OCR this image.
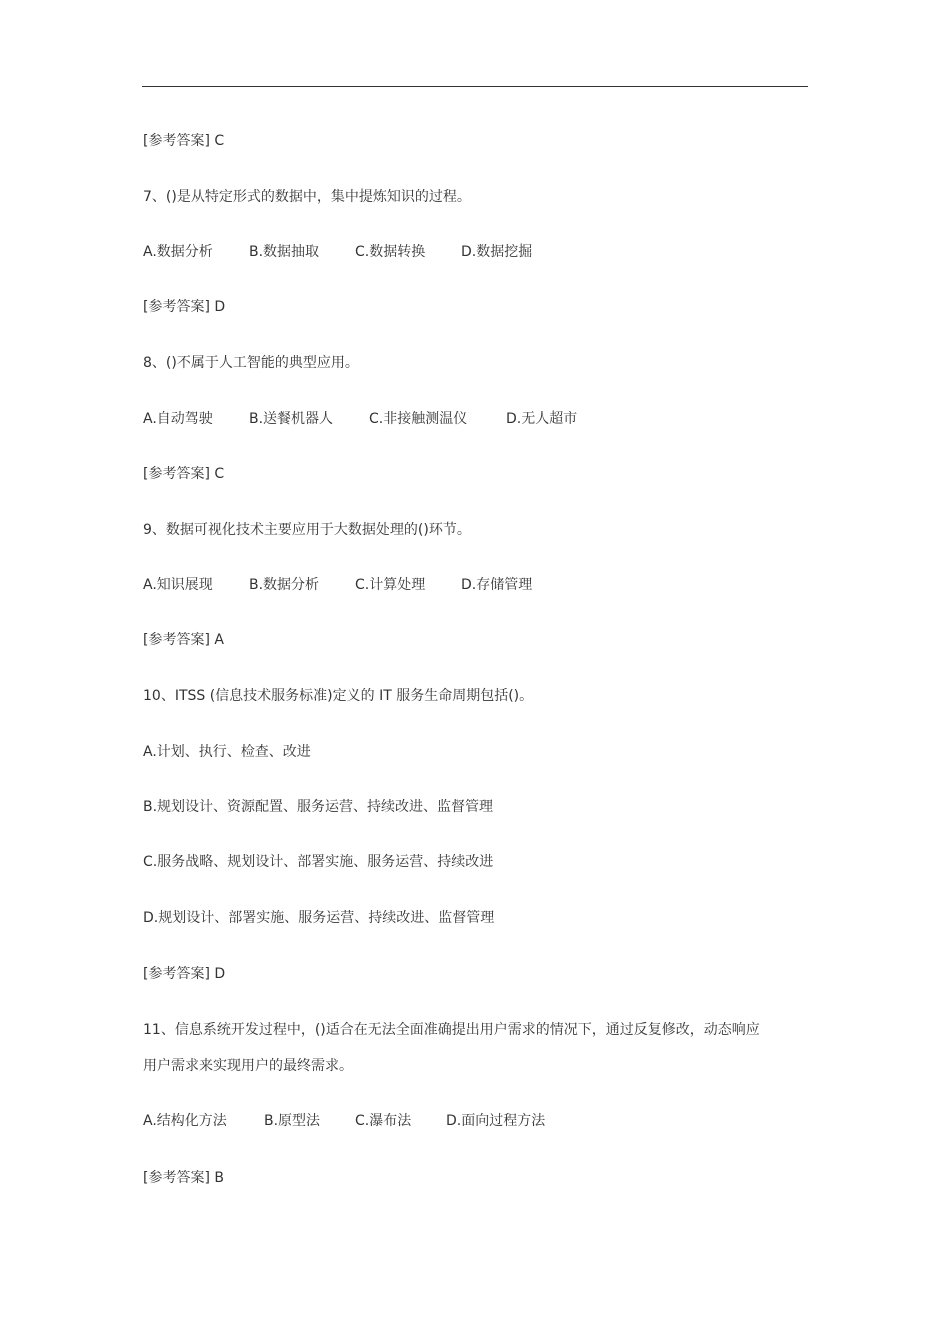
[参考答案] C
7、()是从特定形式的数据中，集中提炼知识的过程。
A.数据分析	B.数据抽取	C.数据转换	D.数据挖掘
[参考答案] D
8、()不属于人工智能的典型应用。
A.自动驾驶	B.送餐机器人	C.非接触测温仪	D.无人超市
[参考答案] C
9、数据可视化技术主要应用于大数据处理的()环节。
A.知识展现	B.数据分析	C.计算处理	D.存储管理
[参考答案] A
10、ITSS (信息技术服务标准)定义的 IT 服务生命周期包括()。
A.计划、执行、检查、改进
B.规划设计、资源配置、服务运营、持续改进、监督管理
C.服务战略、规划设计、部署实施、服务运营、持续改进
D.规划设计、部署实施、服务运营、持续改进、监督管理
[参考答案] D
11、信息系统开发过程中，()适合在无法全面准确提出用户需求的情况下，通过反复修改，动态响应
用户需求来实现用户的最终需求。
A.结构化方法	B.原型法 C.瀑布法 D.面向过程方法
[参考答案] B
